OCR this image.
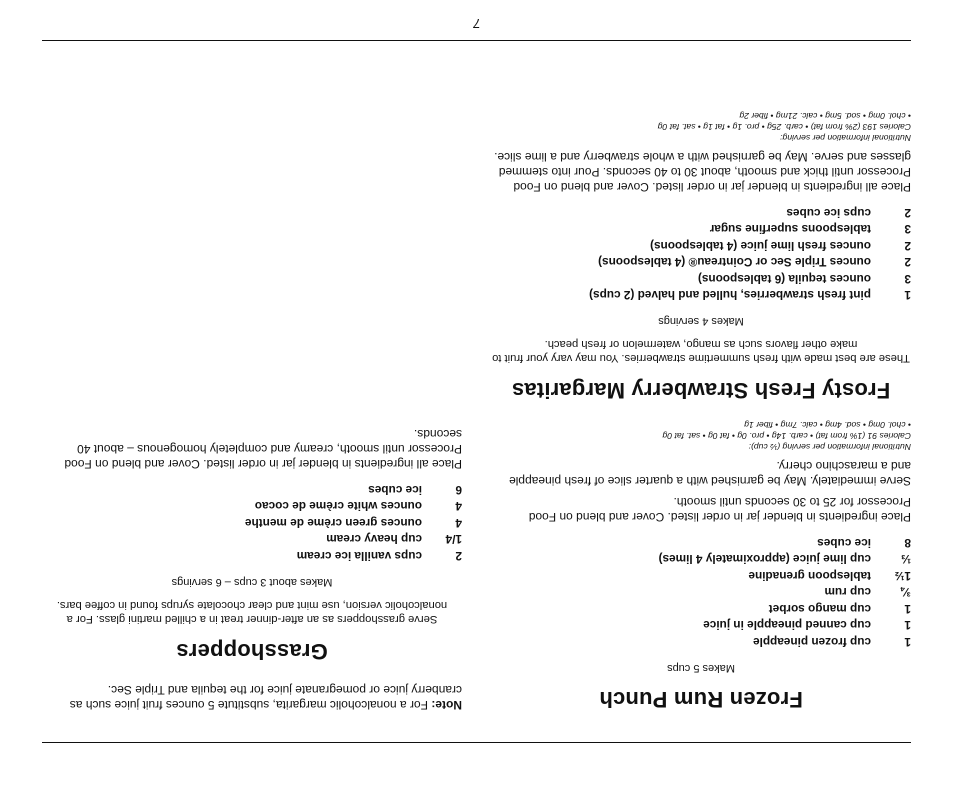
Frozen Rum Punch
Makes 5 cups
1
cup frozen pineapple
1
cup canned pineapple in juice
1
cup mango sorbet
¾
cup rum
1½
tablespoon grenadine
⅓
cup lime juice (approximately 4 limes)
8
ice cubes

Place ingredients in blender jar in order listed. Cover and blend on Food Processor for 25 to 30 seconds until smooth.

Serve immediately. May be garnished with a quarter slice of fresh pineapple and a maraschino cherry.

Nutritional information per serving (½ cup):
Calories 91 (1% from fat) • carb. 14g • pro. 0g • fat 0g • sat. fat 0g
• chol. 0mg • sod. 4mg • calc. 7mg • fiber 1g
Frosty Fresh Strawberry Margaritas

These are best made with fresh summertime strawberries. You may vary your fruit to make other flavors such as mango, watermelon or fresh peach.

Makes 4 servings
1
pint fresh strawberries, hulled and halved (2 cups)
3
ounces tequila (6 tablespoons)
2
ounces Triple Sec or Cointreau® (4 tablespoons)
2
ounces fresh lime juice (4 tablespoons)
3
tablespoons superfine sugar
2
cups ice cubes

Place all ingredients in blender jar in order listed. Cover and blend on Food Processor until thick and smooth, about 30 to 40 seconds. Pour into stemmed glasses and serve. May be garnished with a whole strawberry and a lime slice.

Nutritional information per serving:
Calories 193 (2% from fat) • carb. 25g • pro. 1g • fat 1g • sat. fat 0g
• chol. 0mg • sod. 5mg • calc. 21mg • fiber 2g

Note: For a nonalcoholic margarita, substitute 5 ounces fruit juice such as cranberry juice or pomegranate juice for the tequila and Triple Sec.

Grasshoppers

Serve grasshoppers as an after-dinner treat in a chilled martini glass. For a nonalcoholic version, use mint and clear chocolate syrups found in coffee bars.

Makes about 3 cups – 6 servings
2
cups vanilla ice cream
1/4
cup heavy cream
4
ounces green crème de menthe
4
ounces white crème de cocao
6
ice cubes

Place all ingredients in blender jar in order listed. Cover and blend on Food Processor until smooth, creamy and completely homogenous – about 40 seconds.

7
